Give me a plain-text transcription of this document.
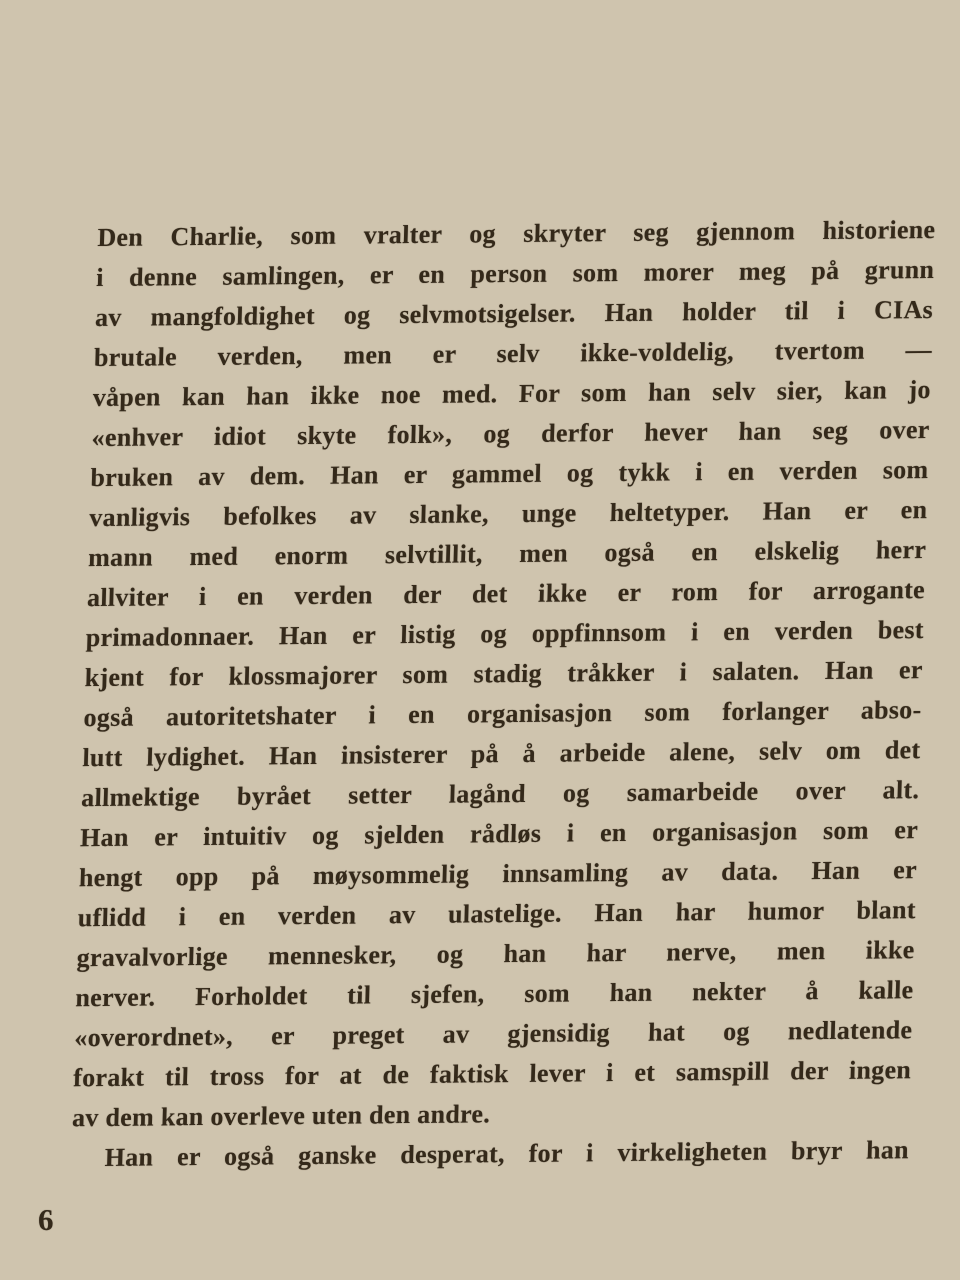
Den Charlie, som vralter og skryter seg gjennom historiene

i denne samlingen, er en person som morer meg på grunn

av mangfoldighet og selvmotsigelser. Han holder til i CIAs

brutale verden, men er selv ikke-voldelig, tvertom —

våpen kan han ikke noe med. For som han selv sier, kan jo

«enhver idiot skyte folk», og derfor hever han seg over

bruken av dem. Han er gammel og tykk i en verden som

vanligvis befolkes av slanke, unge heltetyper. Han er en

mann med enorm selvtillit, men også en elskelig herr

allviter i en verden der det ikke er rom for arrogante

primadonnaer. Han er listig og oppfinnsom i en verden best

kjent for klossmajorer som stadig tråkker i salaten. Han er

også autoritetshater i en organisasjon som forlanger abso-

lutt lydighet. Han insisterer på å arbeide alene, selv om det

allmektige byrået setter lagånd og samarbeide over alt.

Han er intuitiv og sjelden rådløs i en organisasjon som er

hengt opp på møysommelig innsamling av data. Han er

uflidd i en verden av ulastelige. Han har humor blant

gravalvorlige mennesker, og han har nerve, men ikke

nerver. Forholdet til sjefen, som han nekter å kalle

«overordnet», er preget av gjensidig hat og nedlatende

forakt til tross for at de faktisk lever i et samspill der ingen

av dem kan overleve uten den andre.

Han er også ganske desperat, for i virkeligheten bryr han

6
